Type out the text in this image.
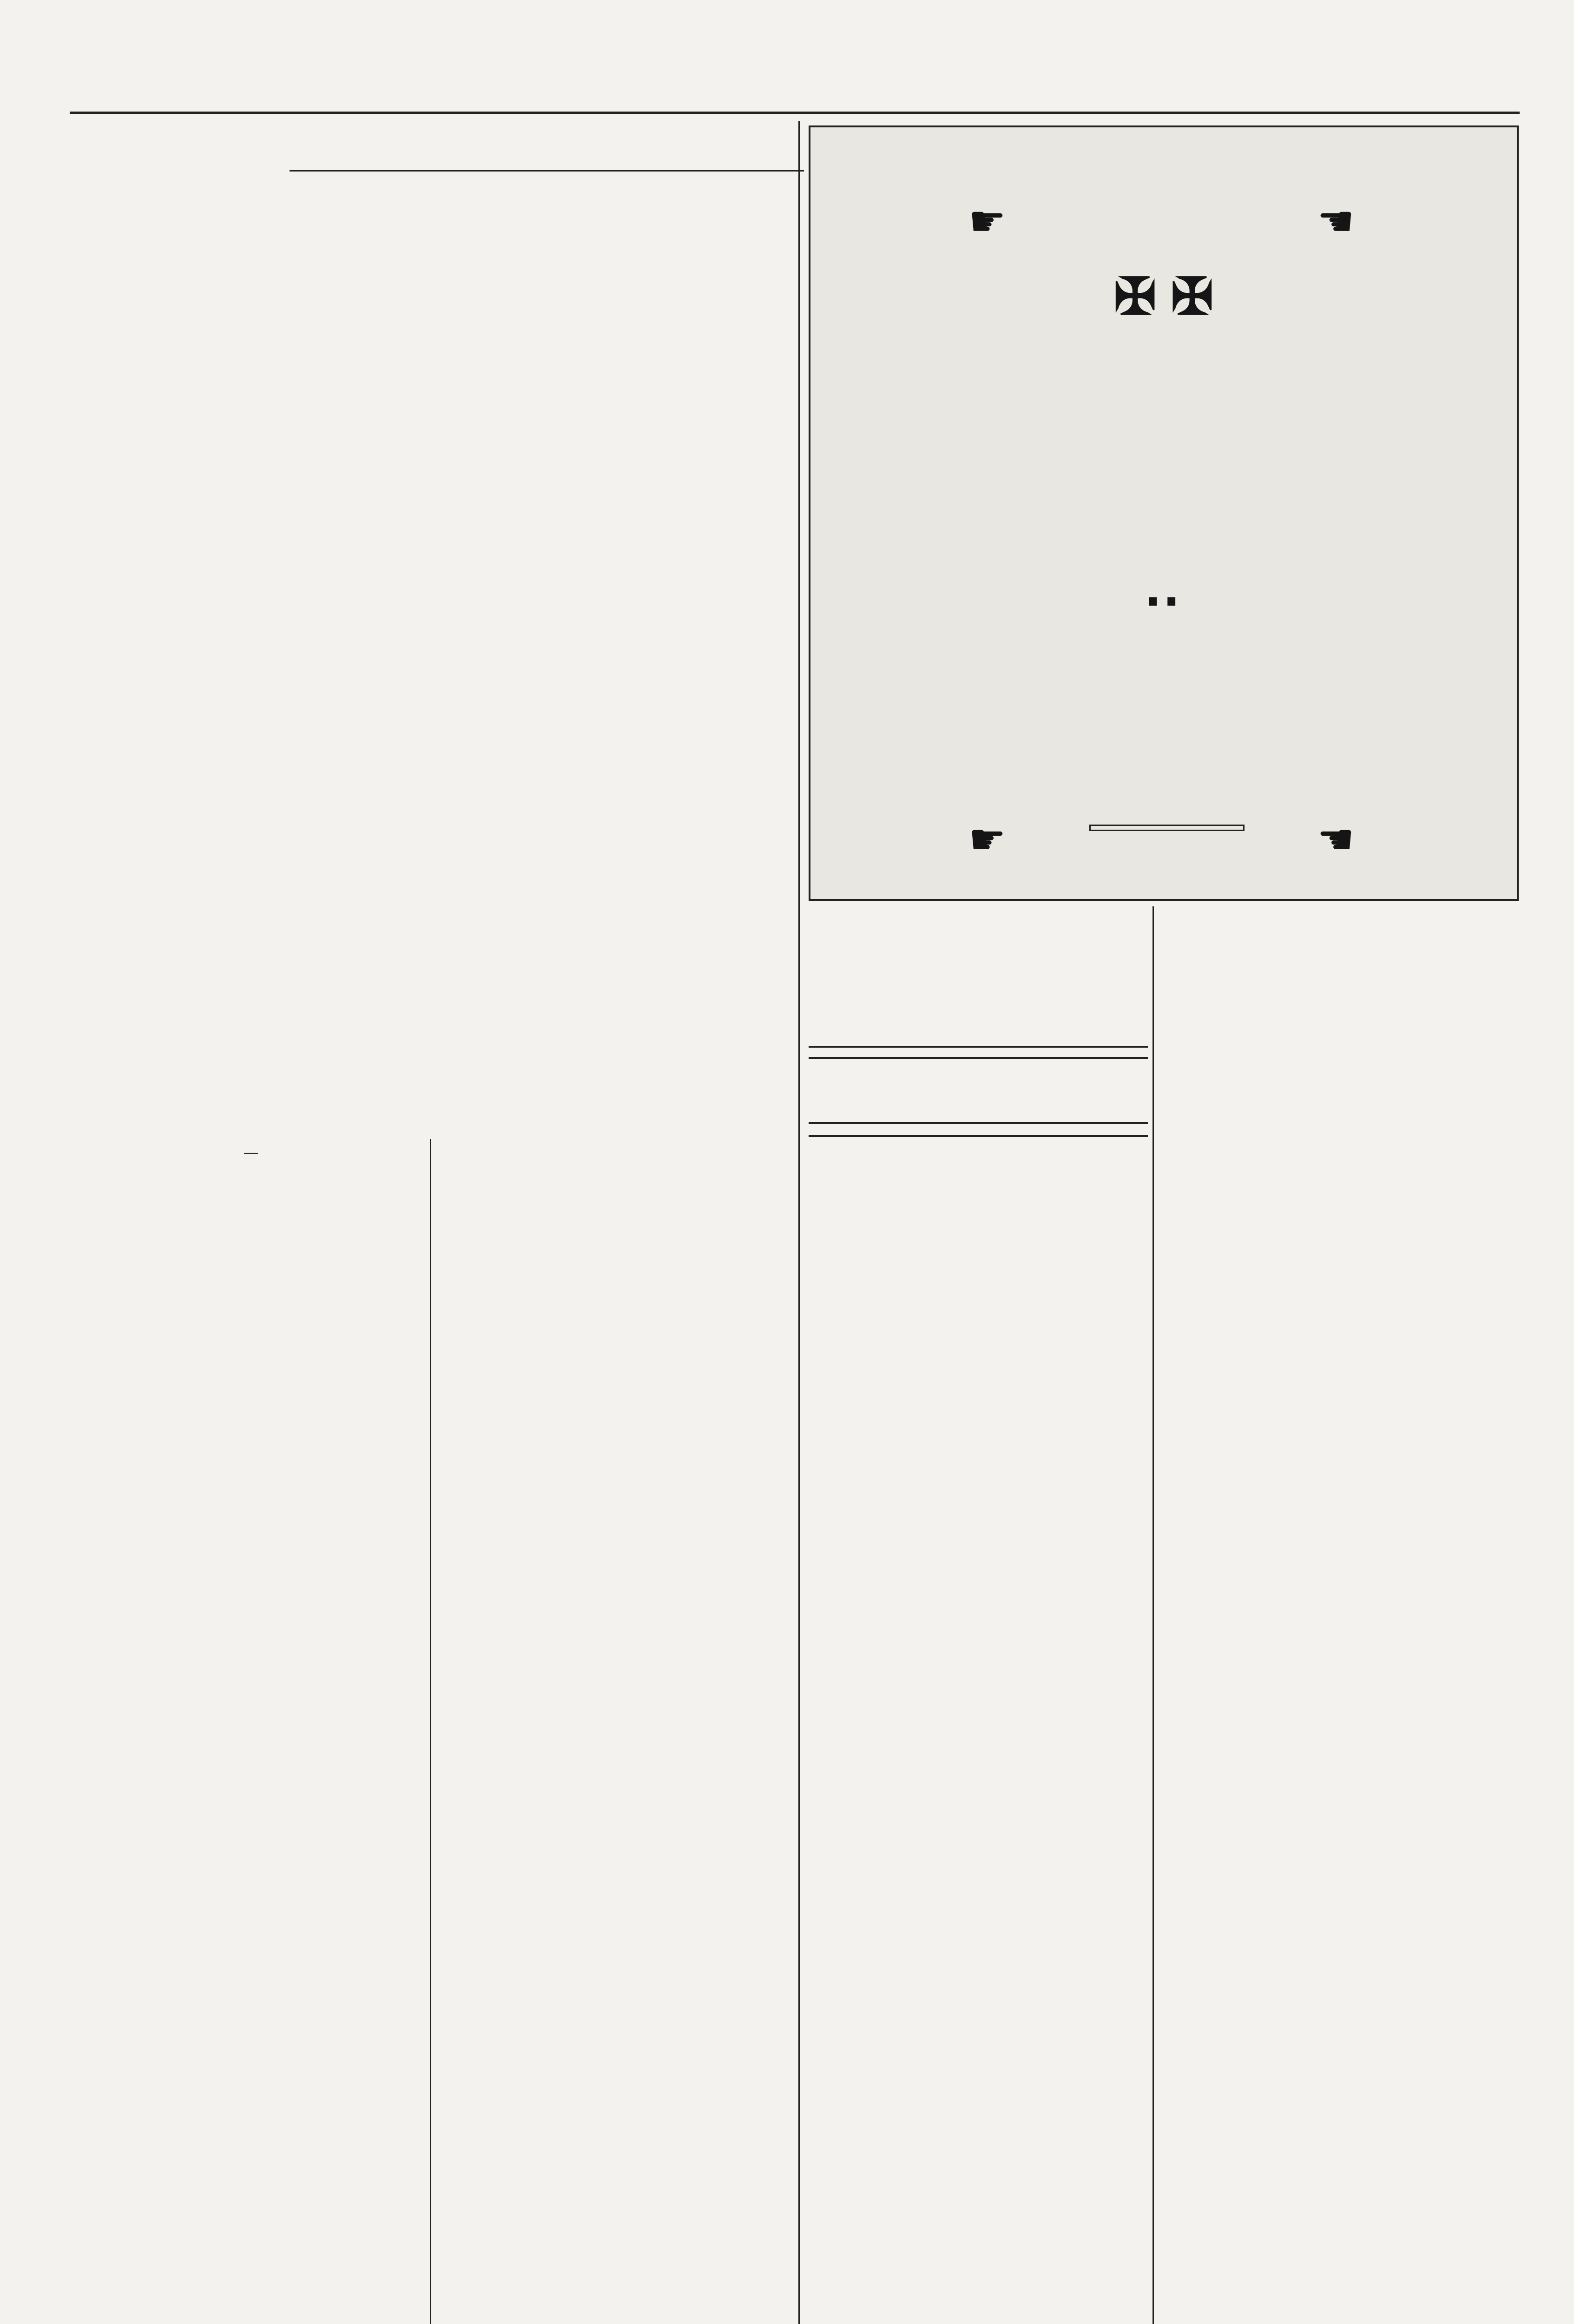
—

✠ ✠
··
☛	☚
☛	☚
